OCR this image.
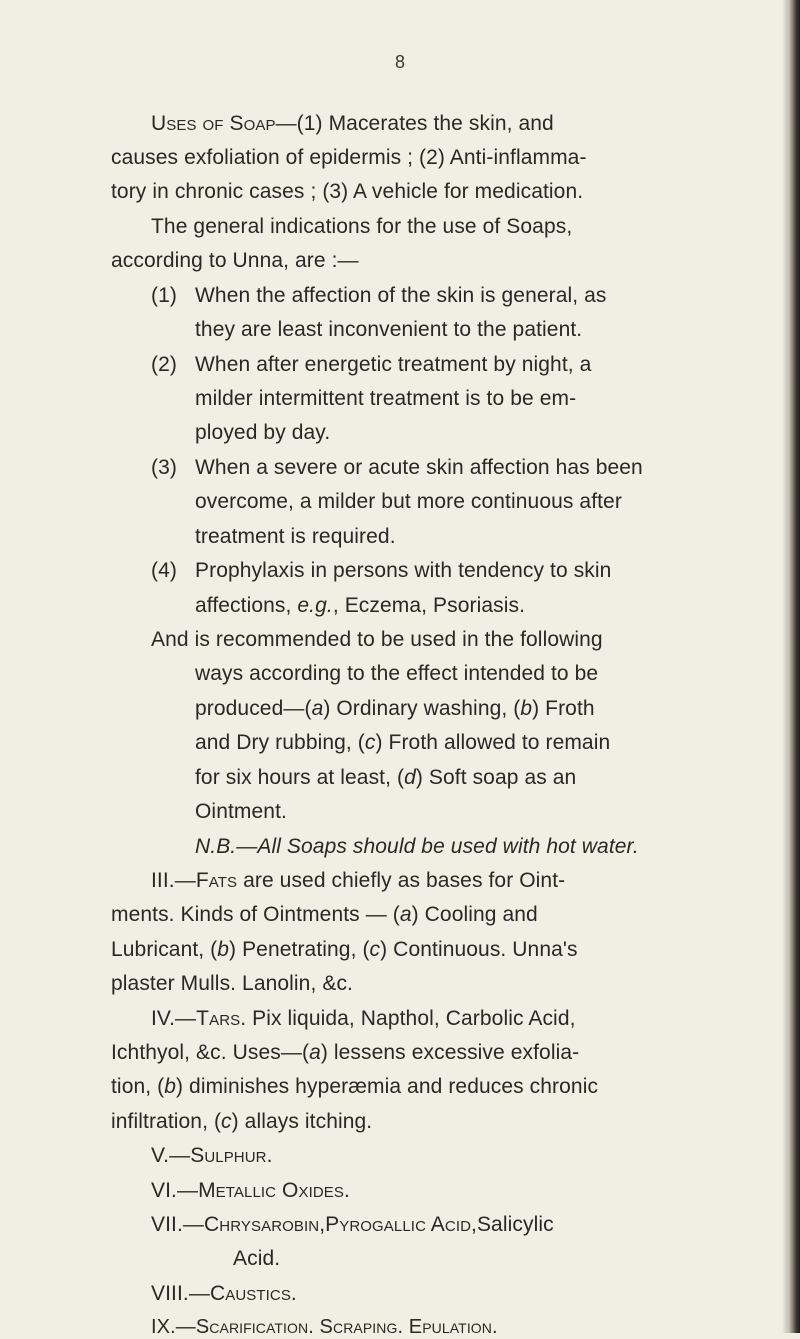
8
Uses of Soap—(1) Macerates the skin, and
causes exfoliation of epidermis ; (2) Anti-inflamma-
tory in chronic cases ; (3) A vehicle for medication.
The general indications for the use of Soaps,
according to Unna, are :—
(1) When the affection of the skin is general, as
they are least inconvenient to the patient.
(2) When after energetic treatment by night, a
milder intermittent treatment is to be em-
ployed by day.
(3) When a severe or acute skin affection has been
overcome, a milder but more continuous after
treatment is required.
(4) Prophylaxis in persons with tendency to skin
affections, e.g., Eczema, Psoriasis.
And is recommended to be used in the following
ways according to the effect intended to be
produced—(a) Ordinary washing, (b) Froth
and Dry rubbing, (c) Froth allowed to remain
for six hours at least, (d) Soft soap as an
Ointment.
N.B.—All Soaps should be used with hot water.
III.—Fats are used chiefly as bases for Oint-
ments. Kinds of Ointments — (a) Cooling and
Lubricant, (b) Penetrating, (c) Continuous. Unna's
plaster Mulls. Lanolin, &c.
IV.—Tars. Pix liquida, Napthol, Carbolic Acid,
Ichthyol, &c. Uses—(a) lessens excessive exfolia-
tion, (b) diminishes hyperæmia and reduces chronic
infiltration, (c) allays itching.
V.—Sulphur.
VI.—Metallic Oxides.
VII.—Chrysarobin,Pyrogallic Acid,Salicylic
Acid.
VIII.—Caustics.
IX.—Scarification. Scraping. Epulation.
